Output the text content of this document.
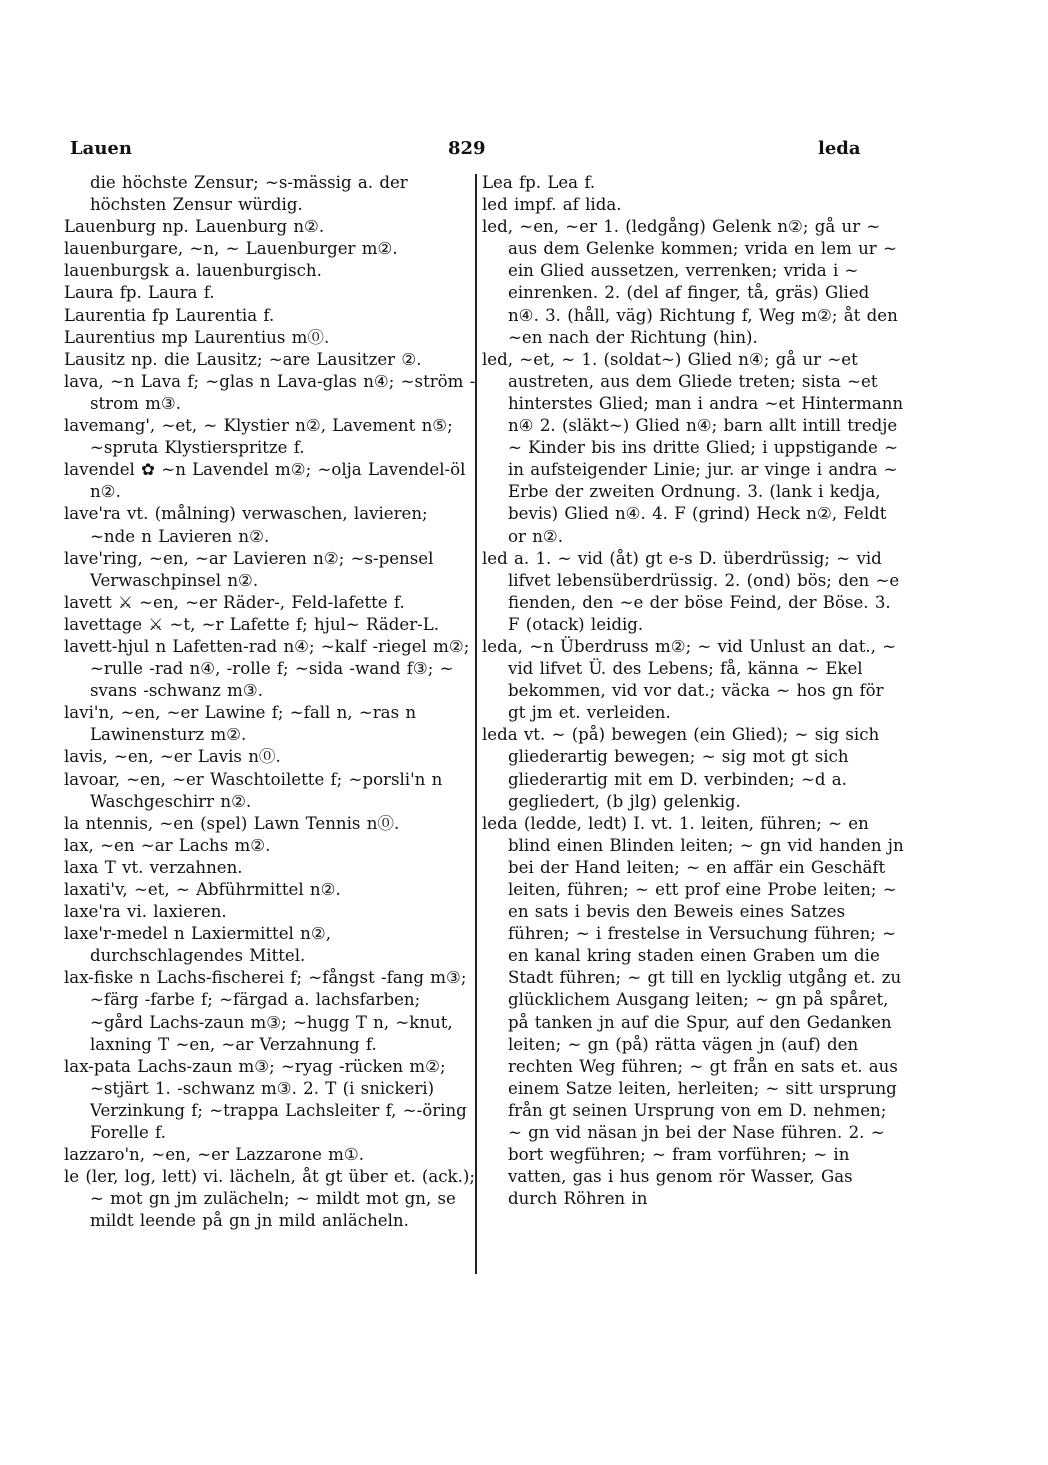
Lauen	829	leda

die höchste Zensur; ~s-mässig a. der höchsten Zensur würdig.

Lauenburg np. Lauenburg n②.

lauenburgare, ~n, ~ Lauenburger m②.

lauenburgsk a. lauenburgisch.

Laura fp. Laura f.

Laurentia fp Laurentia f.

Laurentius mp Laurentius m⓪.

Lausitz np. die Lausitz; ~are Lausitzer ②.

lava, ~n Lava f; ~glas n Lava-glas n④; ~ström -strom m③.

lavemang', ~et, ~ Klystier n②, Lavement n⑤; ~spruta Klystierspritze f.

lavendel ✿ ~n Lavendel m②; ~olja Lavendel-öl n②.

lave'ra vt. (målning) verwaschen, lavieren; ~nde n Lavieren n②.

lave'ring, ~en, ~ar Lavieren n②; ~s-pensel Verwaschpinsel n②.

lavett ⚔ ~en, ~er Räder-, Feld-lafette f.

lavettage ⚔ ~t, ~r Lafette f; hjul~ Räder-L.

lavett-hjul n Lafetten-rad n④; ~kalf -riegel m②; ~rulle -rad n④, -rolle f; ~sida -wand f③; ~ svans -schwanz m③.

lavi'n, ~en, ~er Lawine f; ~fall n, ~ras n Lawinensturz m②.

lavis, ~en, ~er Lavis n⓪.

lavoar, ~en, ~er Waschtoilette f; ~porsli'n n Waschgeschirr n②.

la ntennis, ~en (spel) Lawn Tennis n⓪.

lax, ~en ~ar Lachs m②.

laxa T vt. verzahnen.

laxati'v, ~et, ~ Abführmittel n②.

laxe'ra vi. laxieren.

laxe'r-medel n Laxiermittel n②, durchschlagendes Mittel.

lax-fiske n Lachs-fischerei f; ~fångst -fang m③; ~färg -farbe f; ~färgad a. lachsfarben; ~gård Lachs-zaun m③; ~hugg T n, ~knut, laxning T ~en, ~ar Verzahnung f.

lax-pata Lachs-zaun m③; ~ryag -rücken m②; ~stjärt 1. -schwanz m③. 2. T (i snickeri) Verzinkung f; ~trappa Lachsleiter f, ~-öring Forelle f.

lazzaro'n, ~en, ~er Lazzarone m①.

le (ler, log, lett) vi. lächeln, åt gt über et. (ack.); ~ mot gn jm zulächeln; ~ mildt mot gn, se mildt leende på gn jn mild anlächeln.

Lea fp. Lea f.

led impf. af lida.

led, ~en, ~er 1. (ledgång) Gelenk n②; gå ur ~ aus dem Gelenke kommen; vrida en lem ur ~ ein Glied aussetzen, verrenken; vrida i ~ einrenken. 2. (del af finger, tå, gräs) Glied n④. 3. (håll, väg) Richtung f, Weg m②; åt den ~en nach der Richtung (hin).

led, ~et, ~ 1. (soldat~) Glied n④; gå ur ~et austreten, aus dem Gliede treten; sista ~et hinterstes Glied; man i andra ~et Hintermann n④ 2. (släkt~) Glied n④; barn allt intill tredje ~ Kinder bis ins dritte Glied; i uppstigande ~ in aufsteigender Linie; jur. ar vinge i andra ~ Erbe der zweiten Ordnung. 3. (lank i kedja, bevis) Glied n④. 4. F (grind) Heck n②, Feldt or n②.

led a. 1. ~ vid (åt) gt e-s D. überdrüssig; ~ vid lifvet lebensüberdrüssig. 2. (ond) bös; den ~e fienden, den ~e der böse Feind, der Böse. 3. F (otack) leidig.

leda, ~n Überdruss m②; ~ vid Unlust an dat., ~ vid lifvet Ü. des Lebens; få, känna ~ Ekel bekommen, vid vor dat.; väcka ~ hos gn för gt jm et. verleiden.

leda vt. ~ (på) bewegen (ein Glied); ~ sig sich gliederartig bewegen; ~ sig mot gt sich gliederartig mit em D. verbinden; ~d a. gegliedert, (b jlg) gelenkig.

leda (ledde, ledt) I. vt. 1. leiten, führen; ~ en blind einen Blinden leiten; ~ gn vid handen jn bei der Hand leiten; ~ en affär ein Geschäft leiten, führen; ~ ett prof eine Probe leiten; ~ en sats i bevis den Beweis eines Satzes führen; ~ i frestelse in Versuchung führen; ~ en kanal kring staden einen Graben um die Stadt führen; ~ gt till en lycklig utgång et. zu glücklichem Ausgang leiten; ~ gn på spåret, på tanken jn auf die Spur, auf den Gedanken leiten; ~ gn (på) rätta vägen jn (auf) den rechten Weg führen; ~ gt från en sats et. aus einem Satze leiten, herleiten; ~ sitt ursprung från gt seinen Ursprung von em D. nehmen; ~ gn vid näsan jn bei der Nase führen. 2. ~ bort wegführen; ~ fram vorführen; ~ in vatten, gas i hus genom rör Wasser, Gas durch Röhren in
